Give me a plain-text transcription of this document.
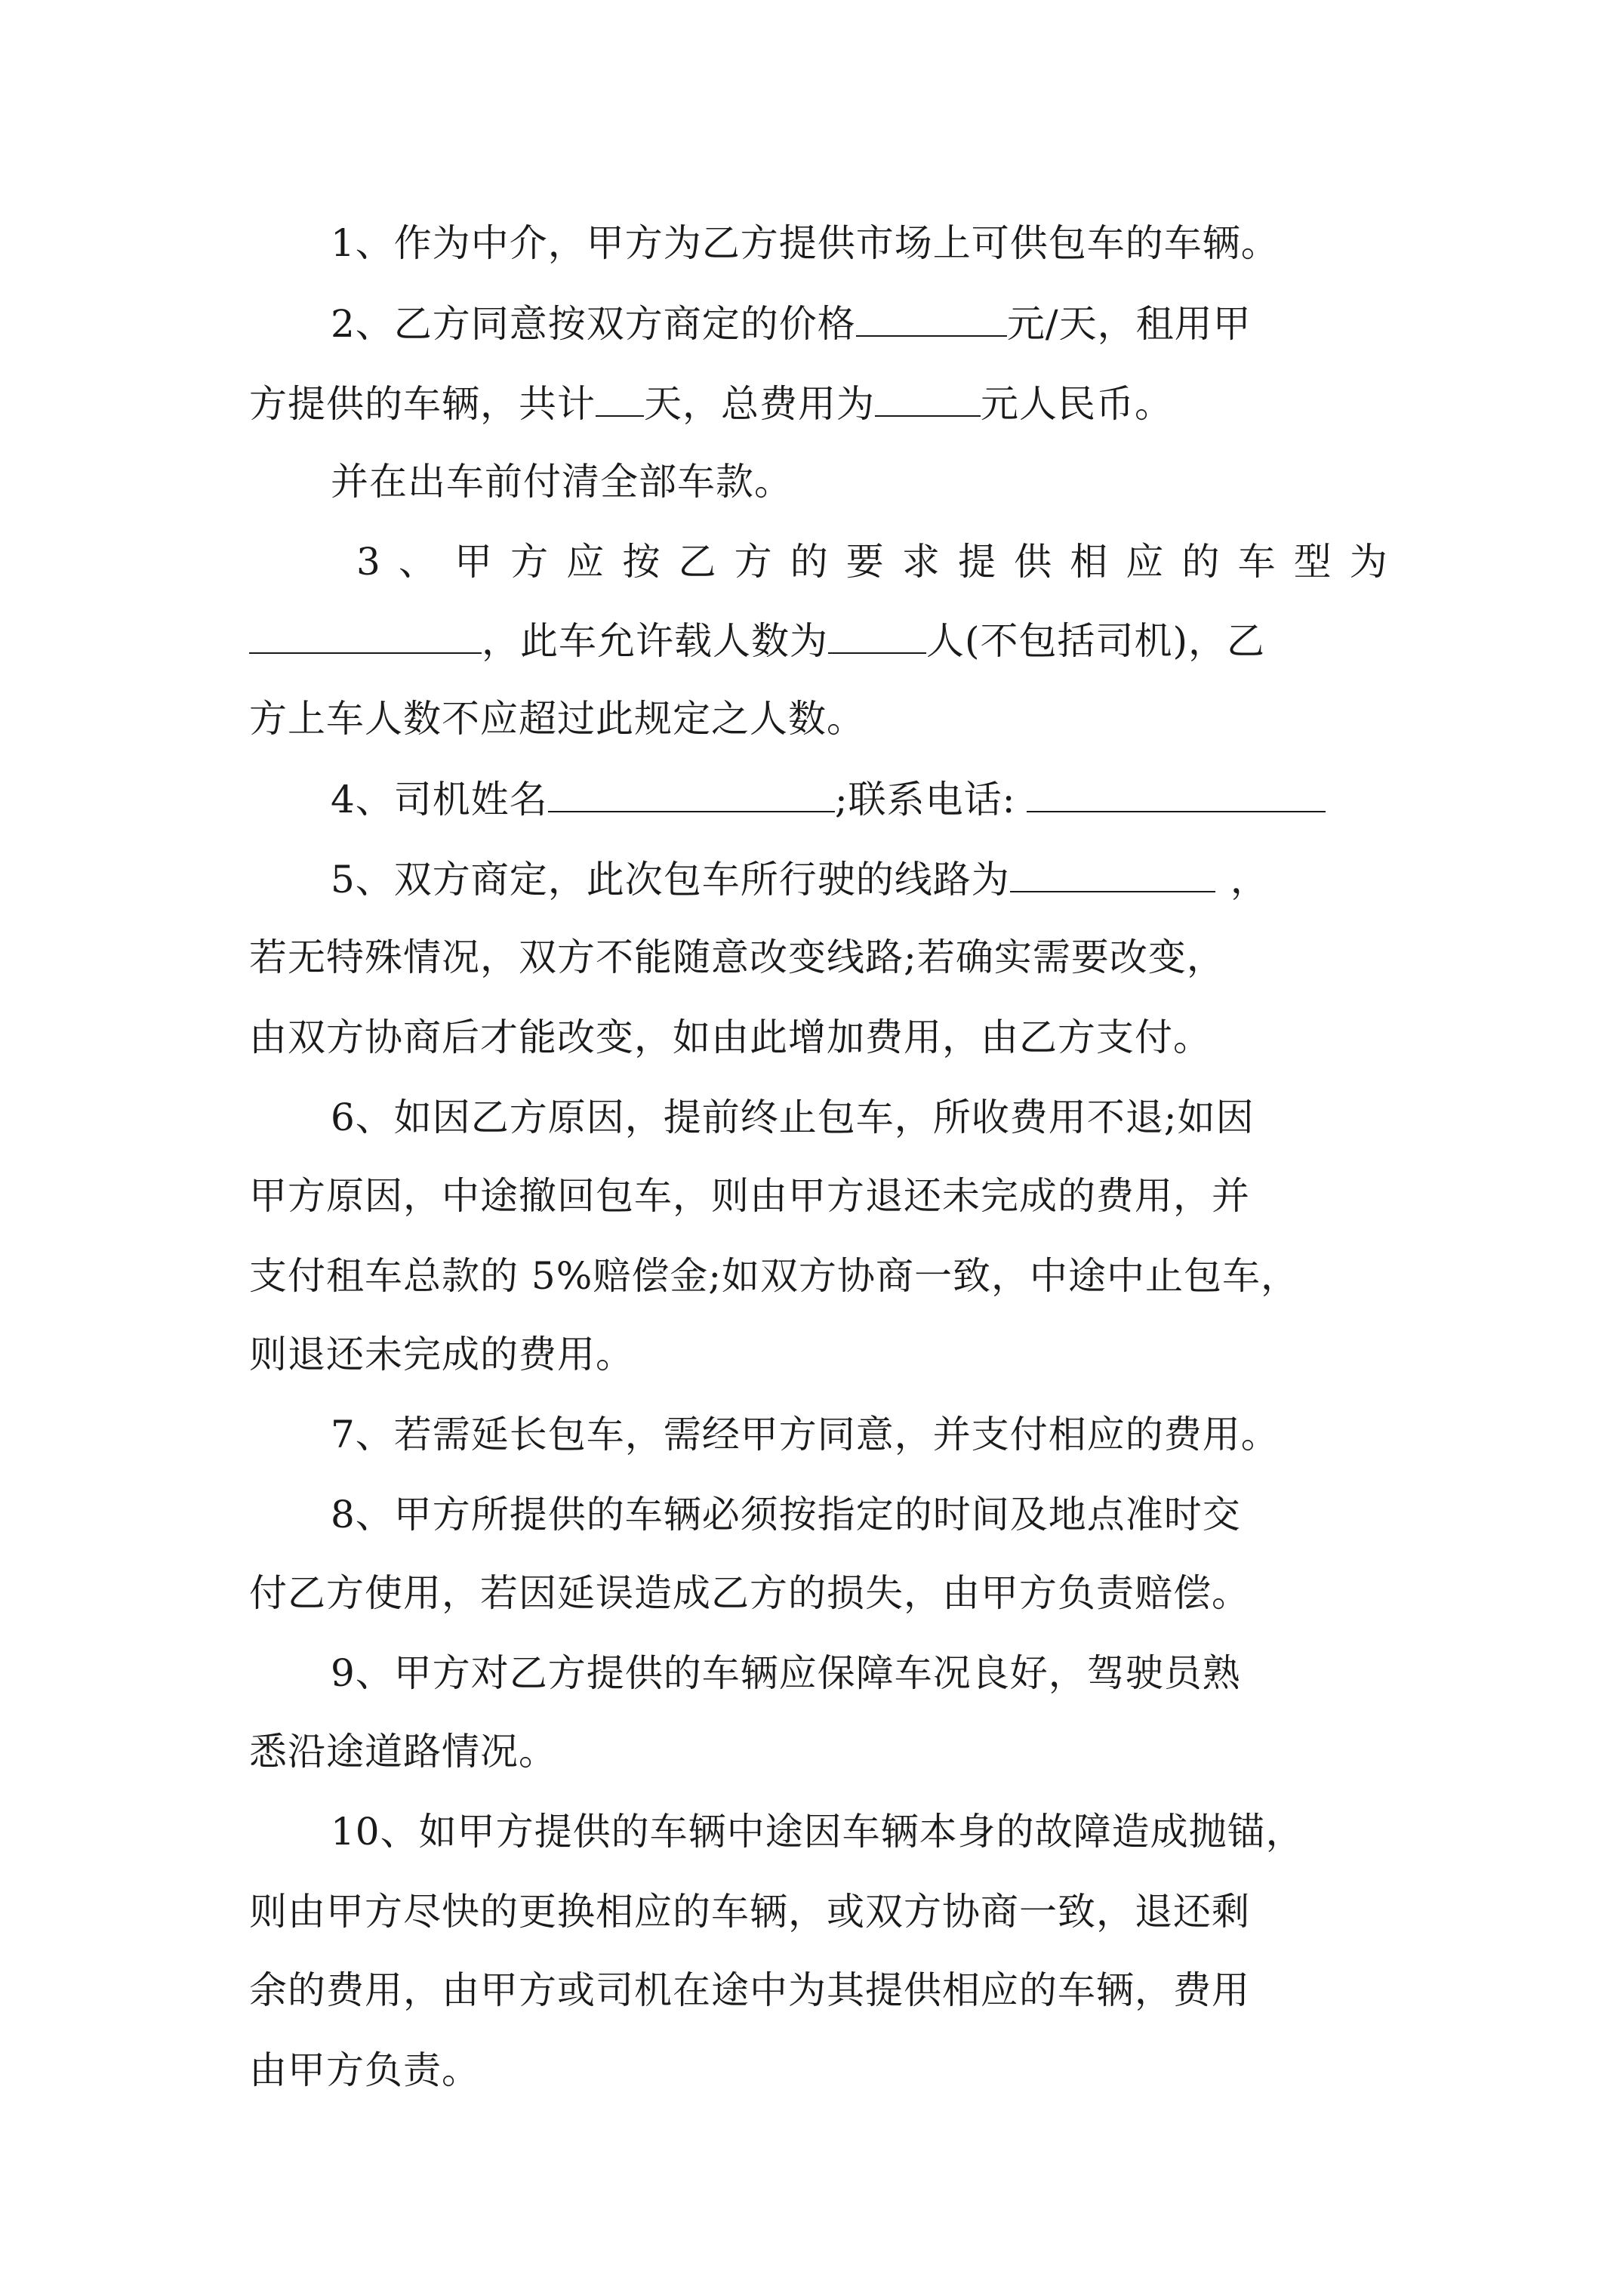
1、作为中介，甲方为乙方提供市场上可供包车的车辆。
2、乙方同意按双方商定的价格	元/天，租用甲
方提供的车辆，共计 天，总费用为	元人民币。
并在出车前付清全部车款。
3 、 甲 方 应 按 乙 方 的 要 求 提 供 相 应 的 车 型 为
，此车允许载人数为	人(不包括司机)，乙
方上车人数不应超过此规定之人数。
4、司机姓名	;联系电话:
5、双方商定，此次包车所行驶的线路为	，
若无特殊情况，双方不能随意改变线路;若确实需要改变，
由双方协商后才能改变，如由此增加费用，由乙方支付。
6、如因乙方原因，提前终止包车，所收费用不退;如因
甲方原因，中途撤回包车，则由甲方退还未完成的费用，并
支付租车总款的 5%赔偿金;如双方协商一致，中途中止包车，
则退还未完成的费用。
7、若需延长包车，需经甲方同意，并支付相应的费用。
8、甲方所提供的车辆必须按指定的时间及地点准时交
付乙方使用，若因延误造成乙方的损失，由甲方负责赔偿。
9、甲方对乙方提供的车辆应保障车况良好，驾驶员熟
悉沿途道路情况。
10、如甲方提供的车辆中途因车辆本身的故障造成抛锚，
则由甲方尽快的更换相应的车辆，或双方协商一致，退还剩
余的费用，由甲方或司机在途中为其提供相应的车辆，费用
由甲方负责。
